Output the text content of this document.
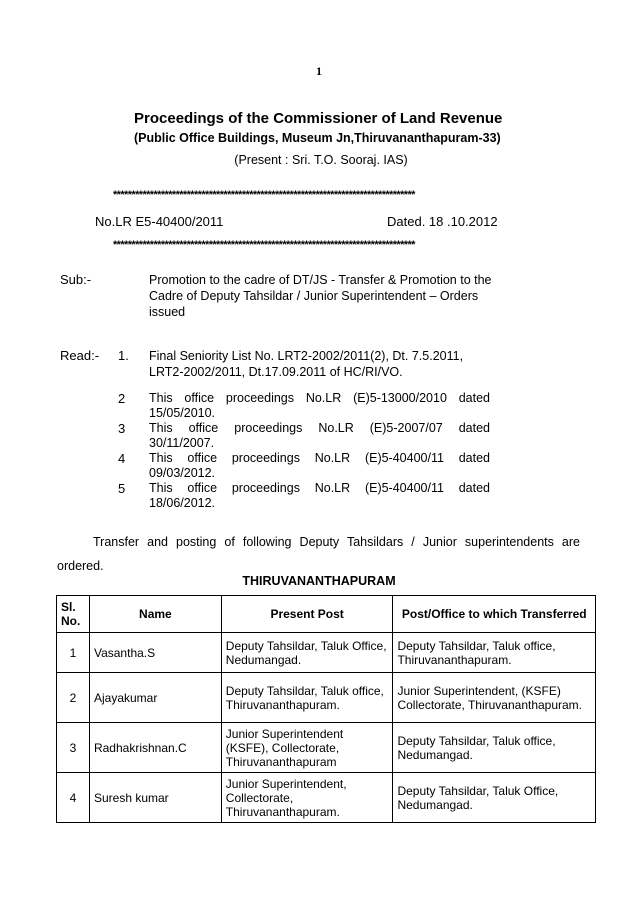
1
Proceedings of the Commissioner of Land Revenue
(Public Office Buildings, Museum Jn,Thiruvananthapuram-33)
(Present : Sri. T.O. Sooraj. IAS)
**********************************************************************************
No.LR E5-40400/2011	Dated. 18 .10.2012
**********************************************************************************
Sub:-	Promotion to the cadre of DT/JS - Transfer & Promotion to the Cadre of Deputy Tahsildar / Junior Superintendent – Orders issued
Read:- 1. Final Seniority List No. LRT2-2002/2011(2), Dt. 7.5.2011, LRT2-2002/2011, Dt.17.09.2011 of HC/RI/VO.
2	This office proceedings No.LR (E)5-13000/2010 dated
15/05/2010.
3	This office proceedings No.LR (E)5-2007/07 dated
30/11/2007.
4	This office proceedings No.LR (E)5-40400/11 dated
09/03/2012.
5	This office proceedings No.LR (E)5-40400/11 dated
18/06/2012.
Transfer and posting of following Deputy Tahsildars / Junior superintendents are ordered.
THIRUVANANTHAPURAM
Sl. No.	Name	Present Post	Post/Office to which Transferred
1	Vasantha.S	Deputy Tahsildar, Taluk Office, Nedumangad.	Deputy Tahsildar, Taluk office, Thiruvananthapuram.
2	Ajayakumar	Deputy Tahsildar, Taluk office, Thiruvananthapuram.	Junior Superintendent, (KSFE) Collectorate, Thiruvananthapuram.
3	Radhakrishnan.C	Junior Superintendent (KSFE), Collectorate, Thiruvananthapuram	Deputy Tahsildar, Taluk office, Nedumangad.
4	Suresh kumar	Junior Superintendent, Collectorate, Thiruvananthapuram.	Deputy Tahsildar, Taluk Office, Nedumangad.
